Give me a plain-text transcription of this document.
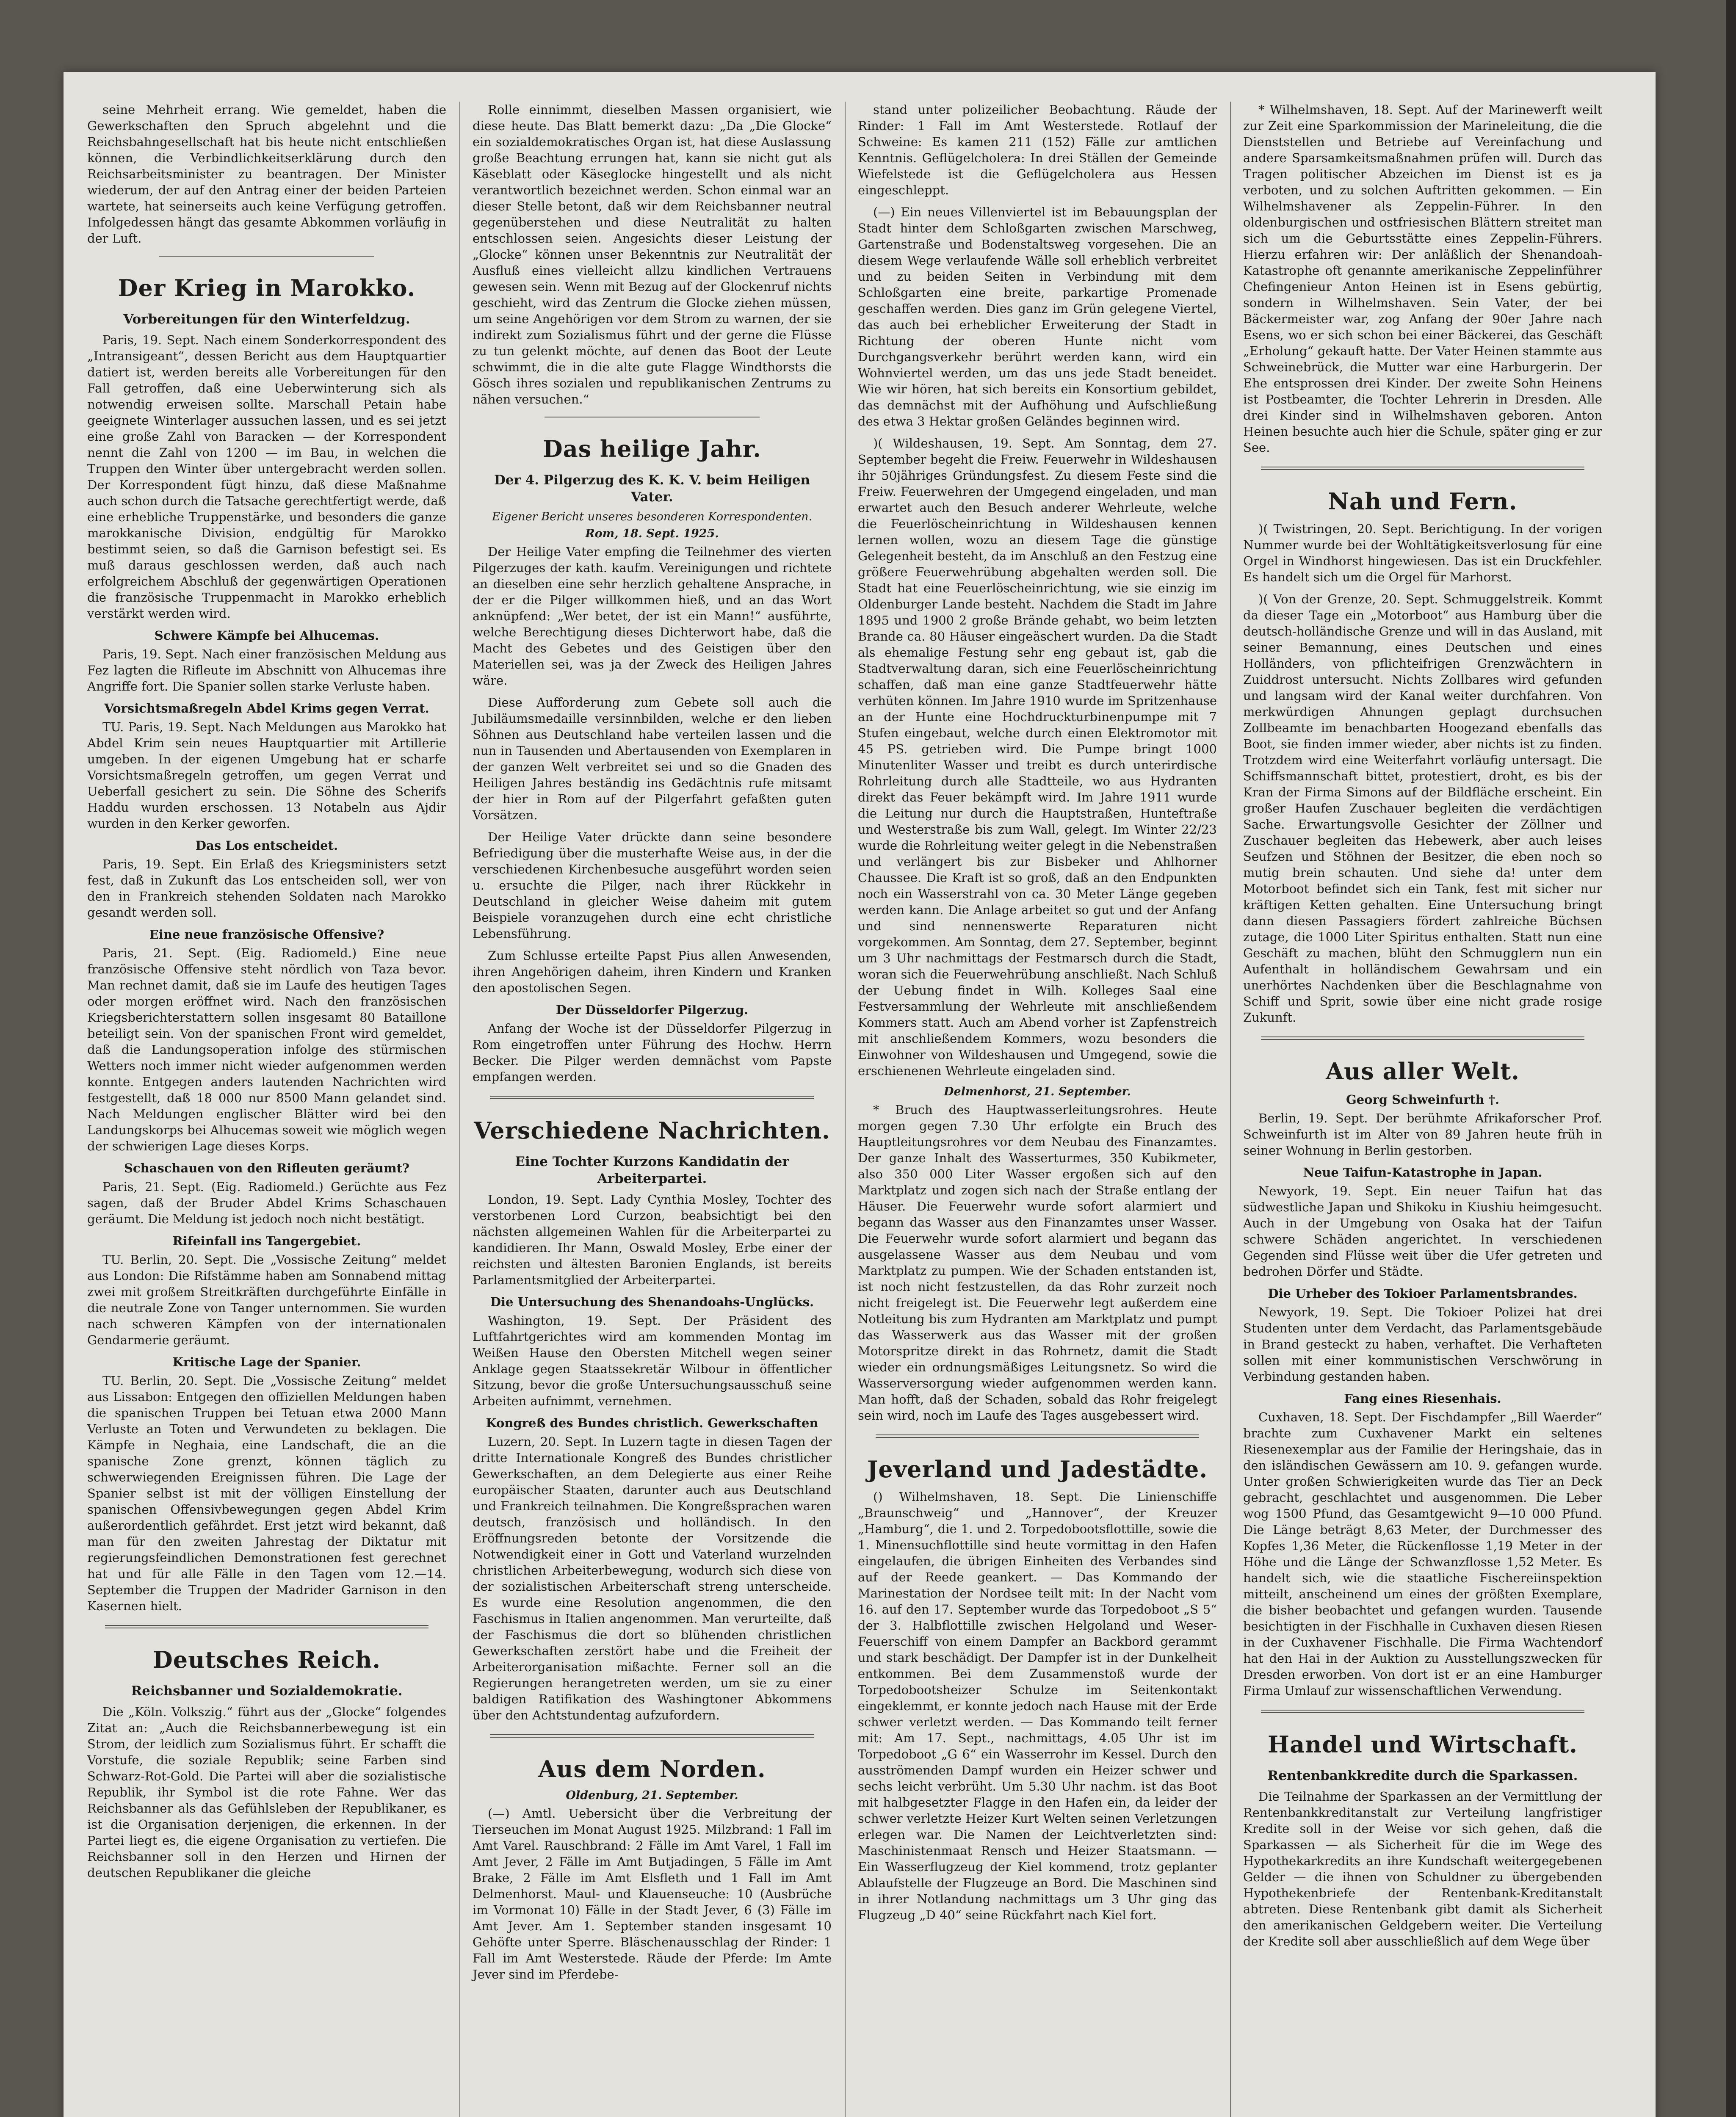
seine Mehrheit errang. Wie gemeldet, haben die Gewerkschaften den Spruch abgelehnt und die Reichsbahngesellschaft hat bis heute nicht entschließen können, die Verbindlichkeitserklärung durch den Reichsarbeitsminister zu beantragen. Der Minister wiederum, der auf den Antrag einer der beiden Parteien wartete, hat seinerseits auch keine Verfügung getroffen. Infolgedessen hängt das gesamte Abkommen vorläufig in der Luft.

Der Krieg in Marokko.
Vorbereitungen für den Winterfeldzug.

Paris, 19. Sept. Nach einem Sonderkorrespondent des „Intransigeant“, dessen Bericht aus dem Hauptquartier datiert ist, werden bereits alle Vorbereitungen für den Fall getroffen, daß eine Ueberwinterung sich als notwendig erweisen sollte. Marschall Petain habe geeignete Winterlager aussuchen lassen, und es sei jetzt eine große Zahl von Baracken — der Korrespondent nennt die Zahl von 1200 — im Bau, in welchen die Truppen den Winter über untergebracht werden sollen. Der Korrespondent fügt hinzu, daß diese Maßnahme auch schon durch die Tatsache gerechtfertigt werde, daß eine erhebliche Truppenstärke, und besonders die ganze marokkanische Division, endgültig für Marokko bestimmt seien, so daß die Garnison befestigt sei. Es muß daraus geschlossen werden, daß auch nach erfolgreichem Abschluß der gegenwärtigen Operationen die französische Truppenmacht in Marokko erheblich verstärkt werden wird.

Schwere Kämpfe bei Alhucemas.

Paris, 19. Sept. Nach einer französischen Meldung aus Fez lagten die Rifleute im Abschnitt von Alhucemas ihre Angriffe fort. Die Spanier sollen starke Verluste haben.

Vorsichtsmaßregeln Abdel Krims gegen Verrat.

TU. Paris, 19. Sept. Nach Meldungen aus Marokko hat Abdel Krim sein neues Hauptquartier mit Artillerie umgeben. In der eigenen Umgebung hat er scharfe Vorsichtsmaßregeln getroffen, um gegen Verrat und Ueberfall gesichert zu sein. Die Söhne des Scherifs Haddu wurden erschossen. 13 Notabeln aus Ajdir wurden in den Kerker geworfen.

Das Los entscheidet.

Paris, 19. Sept. Ein Erlaß des Kriegsministers setzt fest, daß in Zukunft das Los entscheiden soll, wer von den in Frankreich stehenden Soldaten nach Marokko gesandt werden soll.

Eine neue französische Offensive?

Paris, 21. Sept. (Eig. Radiomeld.) Eine neue französische Offensive steht nördlich von Taza bevor. Man rechnet damit, daß sie im Laufe des heutigen Tages oder morgen eröffnet wird. Nach den französischen Kriegsberichterstattern sollen insgesamt 80 Bataillone beteiligt sein. Von der spanischen Front wird gemeldet, daß die Landungsoperation infolge des stürmischen Wetters noch immer nicht wieder aufgenommen werden konnte. Entgegen anders lautenden Nachrichten wird festgestellt, daß 18 000 nur 8500 Mann gelandet sind. Nach Meldungen englischer Blätter wird bei den Landungskorps bei Alhucemas soweit wie möglich wegen der schwierigen Lage dieses Korps.

Schaschauen von den Rifleuten geräumt?

Paris, 21. Sept. (Eig. Radiomeld.) Gerüchte aus Fez sagen, daß der Bruder Abdel Krims Schaschauen geräumt. Die Meldung ist jedoch noch nicht bestätigt.

Rifeinfall ins Tangergebiet.

TU. Berlin, 20. Sept. Die „Vossische Zeitung“ meldet aus London: Die Rifstämme haben am Sonnabend mittag zwei mit großem Streitkräften durchgeführte Einfälle in die neutrale Zone von Tanger unternommen. Sie wurden nach schweren Kämpfen von der internationalen Gendarmerie geräumt.

Kritische Lage der Spanier.

TU. Berlin, 20. Sept. Die „Vossische Zeitung“ meldet aus Lissabon: Entgegen den offiziellen Meldungen haben die spanischen Truppen bei Tetuan etwa 2000 Mann Verluste an Toten und Verwundeten zu beklagen. Die Kämpfe in Neghaia, eine Landschaft, die an die spanische Zone grenzt, können täglich zu schwerwiegenden Ereignissen führen. Die Lage der Spanier selbst ist mit der völligen Einstellung der spanischen Offensivbewegungen gegen Abdel Krim außerordentlich gefährdet. Erst jetzt wird bekannt, daß man für den zweiten Jahrestag der Diktatur mit regierungsfeindlichen Demonstrationen fest gerechnet hat und für alle Fälle in den Tagen vom 12.—14. September die Truppen der Madrider Garnison in den Kasernen hielt.

Deutsches Reich.
Reichsbanner und Sozialdemokratie.

Die „Köln. Volkszig.“ führt aus der „Glocke“ folgendes Zitat an: „Auch die Reichsbannerbewegung ist ein Strom, der leidlich zum Sozialismus führt. Er schafft die Vorstufe, die soziale Republik; seine Farben sind Schwarz-Rot-Gold. Die Partei will aber die sozialistische Republik, ihr Symbol ist die rote Fahne. Wer das Reichsbanner als das Gefühlsleben der Republikaner, es ist die Organisation derjenigen, die erkennen. In der Partei liegt es, die eigene Organisation zu vertiefen. Die Reichsbanner soll in den Herzen und Hirnen der deutschen Republikaner die gleiche

Rolle einnimmt, dieselben Massen organisiert, wie diese heute. Das Blatt bemerkt dazu: „Da „Die Glocke“ ein sozialdemokratisches Organ ist, hat diese Auslassung große Beachtung errungen hat, kann sie nicht gut als Käseblatt oder Käseglocke hingestellt und als nicht verantwortlich bezeichnet werden. Schon einmal war an dieser Stelle betont, daß wir dem Reichsbanner neutral gegenüberstehen und diese Neutralität zu halten entschlossen seien. Angesichts dieser Leistung der „Glocke“ können unser Bekenntnis zur Neutralität der Ausfluß eines vielleicht allzu kindlichen Vertrauens gewesen sein. Wenn mit Bezug auf der Glockenruf nichts geschieht, wird das Zentrum die Glocke ziehen müssen, um seine Angehörigen vor dem Strom zu warnen, der sie indirekt zum Sozialismus führt und der gerne die Flüsse zu tun gelenkt möchte, auf denen das Boot der Leute schwimmt, die in die alte gute Flagge Windthorsts die Gösch ihres sozialen und republikanischen Zentrums zu nähen versuchen.“

Das heilige Jahr.
Der 4. Pilgerzug des K. K. V. beim Heiligen Vater.
Eigener Bericht unseres besonderen Korrespondenten.
Rom, 18. Sept. 1925.

Der Heilige Vater empfing die Teilnehmer des vierten Pilgerzuges der kath. kaufm. Vereinigungen und richtete an dieselben eine sehr herzlich gehaltene Ansprache, in der er die Pilger willkommen hieß, und an das Wort anknüpfend: „Wer betet, der ist ein Mann!“ ausführte, welche Berechtigung dieses Dichterwort habe, daß die Macht des Gebetes und des Geistigen über den Materiellen sei, was ja der Zweck des Heiligen Jahres wäre.

Diese Aufforderung zum Gebete soll auch die Jubiläumsmedaille versinnbilden, welche er den lieben Söhnen aus Deutschland habe verteilen lassen und die nun in Tausenden und Abertausenden von Exemplaren in der ganzen Welt verbreitet sei und so die Gnaden des Heiligen Jahres beständig ins Gedächtnis rufe mitsamt der hier in Rom auf der Pilgerfahrt gefaßten guten Vorsätzen.

Der Heilige Vater drückte dann seine besondere Befriedigung über die musterhafte Weise aus, in der die verschiedenen Kirchenbesuche ausgeführt worden seien u. ersuchte die Pilger, nach ihrer Rückkehr in Deutschland in gleicher Weise daheim mit gutem Beispiele voranzugehen durch eine echt christliche Lebensführung.

Zum Schlusse erteilte Papst Pius allen Anwesenden, ihren Angehörigen daheim, ihren Kindern und Kranken den apostolischen Segen.

Der Düsseldorfer Pilgerzug.

Anfang der Woche ist der Düsseldorfer Pilgerzug in Rom eingetroffen unter Führung des Hochw. Herrn Becker. Die Pilger werden demnächst vom Papste empfangen werden.

Verschiedene Nachrichten.
Eine Tochter Kurzons Kandidatin der Arbeiterpartei.

London, 19. Sept. Lady Cynthia Mosley, Tochter des verstorbenen Lord Curzon, beabsichtigt bei den nächsten allgemeinen Wahlen für die Arbeiterpartei zu kandidieren. Ihr Mann, Oswald Mosley, Erbe einer der reichsten und ältesten Baronien Englands, ist bereits Parlamentsmitglied der Arbeiterpartei.

Die Untersuchung des Shenandoahs-Unglücks.

Washington, 19. Sept. Der Präsident des Luftfahrtgerichtes wird am kommenden Montag im Weißen Hause den Obersten Mitchell wegen seiner Anklage gegen Staatssekretär Wilbour in öffentlicher Sitzung, bevor die große Untersuchungsausschuß seine Arbeiten aufnimmt, vernehmen.

Kongreß des Bundes christlich. Gewerkschaften

Luzern, 20. Sept. In Luzern tagte in diesen Tagen der dritte Internationale Kongreß des Bundes christlicher Gewerkschaften, an dem Delegierte aus einer Reihe europäischer Staaten, darunter auch aus Deutschland und Frankreich teilnahmen. Die Kongreßsprachen waren deutsch, französisch und holländisch. In den Eröffnungsreden betonte der Vorsitzende die Notwendigkeit einer in Gott und Vaterland wurzelnden christlichen Arbeiterbewegung, wodurch sich diese von der sozialistischen Arbeiterschaft streng unterscheide. Es wurde eine Resolution angenommen, die den Faschismus in Italien angenommen. Man verurteilte, daß der Faschismus die dort so blühenden christlichen Gewerkschaften zerstört habe und die Freiheit der Arbeiterorganisation mißachte. Ferner soll an die Regierungen herangetreten werden, um sie zu einer baldigen Ratifikation des Washingtoner Abkommens über den Achtstundentag aufzufordern.

Aus dem Norden.
Oldenburg, 21. September.

(—) Amtl. Uebersicht über die Verbreitung der Tierseuchen im Monat August 1925. Milzbrand: 1 Fall im Amt Varel. Rauschbrand: 2 Fälle im Amt Varel, 1 Fall im Amt Jever, 2 Fälle im Amt Butjadingen, 5 Fälle im Amt Brake, 2 Fälle im Amt Elsfleth und 1 Fall im Amt Delmenhorst. Maul- und Klauenseuche: 10 (Ausbrüche im Vormonat 10) Fälle in der Stadt Jever, 6 (3) Fälle im Amt Jever. Am 1. September standen insgesamt 10 Gehöfte unter Sperre. Bläschenausschlag der Rinder: 1 Fall im Amt Westerstede. Räude der Pferde: Im Amte Jever sind im Pferdebe-

stand unter polizeilicher Beobachtung. Räude der Rinder: 1 Fall im Amt Westerstede. Rotlauf der Schweine: Es kamen 211 (152) Fälle zur amtlichen Kenntnis. Geflügelcholera: In drei Ställen der Gemeinde Wiefelstede ist die Geflügelcholera aus Hessen eingeschleppt.

(—) Ein neues Villenviertel ist im Bebauungsplan der Stadt hinter dem Schloßgarten zwischen Marschweg, Gartenstraße und Bodenstaltsweg vorgesehen. Die an diesem Wege verlaufende Wälle soll erheblich verbreitet und zu beiden Seiten in Verbindung mit dem Schloßgarten eine breite, parkartige Promenade geschaffen werden. Dies ganz im Grün gelegene Viertel, das auch bei erheblicher Erweiterung der Stadt in Richtung der oberen Hunte nicht vom Durchgangsverkehr berührt werden kann, wird ein Wohnviertel werden, um das uns jede Stadt beneidet. Wie wir hören, hat sich bereits ein Konsortium gebildet, das demnächst mit der Aufhöhung und Aufschließung des etwa 3 Hektar großen Geländes beginnen wird.

)( Wildeshausen, 19. Sept. Am Sonntag, dem 27. September begeht die Freiw. Feuerwehr in Wildeshausen ihr 50jähriges Gründungsfest. Zu diesem Feste sind die Freiw. Feuerwehren der Umgegend eingeladen, und man erwartet auch den Besuch anderer Wehrleute, welche die Feuerlöscheinrichtung in Wildeshausen kennen lernen wollen, wozu an diesem Tage die günstige Gelegenheit besteht, da im Anschluß an den Festzug eine größere Feuerwehrübung abgehalten werden soll. Die Stadt hat eine Feuerlöscheinrichtung, wie sie einzig im Oldenburger Lande besteht. Nachdem die Stadt im Jahre 1895 und 1900 2 große Brände gehabt, wo beim letzten Brande ca. 80 Häuser eingeäschert wurden. Da die Stadt als ehemalige Festung sehr eng gebaut ist, gab die Stadtverwaltung daran, sich eine Feuerlöscheinrichtung schaffen, daß man eine ganze Stadtfeuerwehr hätte verhüten können. Im Jahre 1910 wurde im Spritzenhause an der Hunte eine Hochdruckturbinenpumpe mit 7 Stufen eingebaut, welche durch einen Elektromotor mit 45 PS. getrieben wird. Die Pumpe bringt 1000 Minutenliter Wasser und treibt es durch unterirdische Rohrleitung durch alle Stadtteile, wo aus Hydranten direkt das Feuer bekämpft wird. Im Jahre 1911 wurde die Leitung nur durch die Hauptstraßen, Hunteftraße und Westerstraße bis zum Wall, gelegt. Im Winter 22/23 wurde die Rohrleitung weiter gelegt in die Nebenstraßen und verlängert bis zur Bisbeker und Ahlhorner Chaussee. Die Kraft ist so groß, daß an den Endpunkten noch ein Wasserstrahl von ca. 30 Meter Länge gegeben werden kann. Die Anlage arbeitet so gut und der Anfang und sind nennenswerte Reparaturen nicht vorgekommen. Am Sonntag, dem 27. September, beginnt um 3 Uhr nachmittags der Festmarsch durch die Stadt, woran sich die Feuerwehrübung anschließt. Nach Schluß der Uebung findet in Wilh. Kolleges Saal eine Festversammlung der Wehrleute mit anschließendem Kommers statt. Auch am Abend vorher ist Zapfenstreich mit anschließendem Kommers, wozu besonders die Einwohner von Wildeshausen und Umgegend, sowie die erschienenen Wehrleute eingeladen sind.

Delmenhorst, 21. September.

* Bruch des Hauptwasserleitungsrohres. Heute morgen gegen 7.30 Uhr erfolgte ein Bruch des Hauptleitungsrohres vor dem Neubau des Finanzamtes. Der ganze Inhalt des Wasserturmes, 350 Kubikmeter, also 350 000 Liter Wasser ergoßen sich auf den Marktplatz und zogen sich nach der Straße entlang der Häuser. Die Feuerwehr wurde sofort alarmiert und begann das Wasser aus den Finanzamtes unser Wasser. Die Feuerwehr wurde sofort alarmiert und begann das ausgelassene Wasser aus dem Neubau und vom Marktplatz zu pumpen. Wie der Schaden entstanden ist, ist noch nicht festzustellen, da das Rohr zurzeit noch nicht freigelegt ist. Die Feuerwehr legt außerdem eine Notleitung bis zum Hydranten am Marktplatz und pumpt das Wasserwerk aus das Wasser mit der großen Motorspritze direkt in das Rohrnetz, damit die Stadt wieder ein ordnungsmäßiges Leitungsnetz. So wird die Wasserversorgung wieder aufgenommen werden kann. Man hofft, daß der Schaden, sobald das Rohr freigelegt sein wird, noch im Laufe des Tages ausgebessert wird.

Jeverland und Jadestädte.

() Wilhelmshaven, 18. Sept. Die Linienschiffe „Braunschweig“ und „Hannover“, der Kreuzer „Hamburg“, die 1. und 2. Torpedobootsflottille, sowie die 1. Minensuchflottille sind heute vormittag in den Hafen eingelaufen, die übrigen Einheiten des Verbandes sind auf der Reede geankert. — Das Kommando der Marinestation der Nordsee teilt mit: In der Nacht vom 16. auf den 17. September wurde das Torpedoboot „S 5“ der 3. Halbflottille zwischen Helgoland und Weser-Feuerschiff von einem Dampfer an Backbord gerammt und stark beschädigt. Der Dampfer ist in der Dunkelheit entkommen. Bei dem Zusammenstoß wurde der Torpedobootsheizer Schulze im Seitenkontakt eingeklemmt, er konnte jedoch nach Hause mit der Erde schwer verletzt werden. — Das Kommando teilt ferner mit: Am 17. Sept., nachmittags, 4.05 Uhr ist im Torpedoboot „G 6“ ein Wasserrohr im Kessel. Durch den ausströmenden Dampf wurden ein Heizer schwer und sechs leicht verbrüht. Um 5.30 Uhr nachm. ist das Boot mit halbgesetzter Flagge in den Hafen ein, da leider der schwer verletzte Heizer Kurt Welten seinen Verletzungen erlegen war. Die Namen der Leichtverletzten sind: Maschinistenmaat Rensch und Heizer Staatsmann. — Ein Wasserflugzeug der Kiel kommend, trotz geplanter Ablaufstelle der Flugzeuge an Bord. Die Maschinen sind in ihrer Notlandung nachmittags um 3 Uhr ging das Flugzeug „D 40“ seine Rückfahrt nach Kiel fort.

* Wilhelmshaven, 18. Sept. Auf der Marinewerft weilt zur Zeit eine Sparkommission der Marineleitung, die die Dienststellen und Betriebe auf Vereinfachung und andere Sparsamkeitsmaßnahmen prüfen will. Durch das Tragen politischer Abzeichen im Dienst ist es ja verboten, und zu solchen Auftritten gekommen. — Ein Wilhelmshavener als Zeppelin-Führer. In den oldenburgischen und ostfriesischen Blättern streitet man sich um die Geburtsstätte eines Zeppelin-Führers. Hierzu erfahren wir: Der anläßlich der Shenandoah-Katastrophe oft genannte amerikanische Zeppelinführer Chefingenieur Anton Heinen ist in Esens gebürtig, sondern in Wilhelmshaven. Sein Vater, der bei Bäckermeister war, zog Anfang der 90er Jahre nach Esens, wo er sich schon bei einer Bäckerei, das Geschäft „Erholung“ gekauft hatte. Der Vater Heinen stammte aus Schweinebrück, die Mutter war eine Harburgerin. Der Ehe entsprossen drei Kinder. Der zweite Sohn Heinens ist Postbeamter, die Tochter Lehrerin in Dresden. Alle drei Kinder sind in Wilhelmshaven geboren. Anton Heinen besuchte auch hier die Schule, später ging er zur See.

Nah und Fern.

)( Twistringen, 20. Sept. Berichtigung. In der vorigen Nummer wurde bei der Wohltätigkeitsverlosung für eine Orgel in Windhorst hingewiesen. Das ist ein Druckfehler. Es handelt sich um die Orgel für Marhorst.

)( Von der Grenze, 20. Sept. Schmuggelstreik. Kommt da dieser Tage ein „Motorboot“ aus Hamburg über die deutsch-holländische Grenze und will in das Ausland, mit seiner Bemannung, eines Deutschen und eines Holländers, von pflichteifrigen Grenzwächtern in Zuiddrost untersucht. Nichts Zollbares wird gefunden und langsam wird der Kanal weiter durchfahren. Von merkwürdigen Ahnungen geplagt durchsuchen Zollbeamte im benachbarten Hoogezand ebenfalls das Boot, sie finden immer wieder, aber nichts ist zu finden. Trotzdem wird eine Weiterfahrt vorläufig untersagt. Die Schiffsmannschaft bittet, protestiert, droht, es bis der Kran der Firma Simons auf der Bildfläche erscheint. Ein großer Haufen Zuschauer begleiten die verdächtigen Sache. Erwartungsvolle Gesichter der Zöllner und Zuschauer begleiten das Hebewerk, aber auch leises Seufzen und Stöhnen der Besitzer, die eben noch so mutig brein schauten. Und siehe da! unter dem Motorboot befindet sich ein Tank, fest mit sicher nur kräftigen Ketten gehalten. Eine Untersuchung bringt dann diesen Passagiers fördert zahlreiche Büchsen zutage, die 1000 Liter Spiritus enthalten. Statt nun eine Geschäft zu machen, blüht den Schmugglern nun ein Aufenthalt in holländischem Gewahrsam und ein unerhörtes Nachdenken über die Beschlagnahme von Schiff und Sprit, sowie über eine nicht grade rosige Zukunft.

Aus aller Welt.
Georg Schweinfurth †.

Berlin, 19. Sept. Der berühmte Afrikaforscher Prof. Schweinfurth ist im Alter von 89 Jahren heute früh in seiner Wohnung in Berlin gestorben.

Neue Taifun-Katastrophe in Japan.

Newyork, 19. Sept. Ein neuer Taifun hat das südwestliche Japan und Shikoku in Kiushiu heimgesucht. Auch in der Umgebung von Osaka hat der Taifun schwere Schäden angerichtet. In verschiedenen Gegenden sind Flüsse weit über die Ufer getreten und bedrohen Dörfer und Städte.

Die Urheber des Tokioer Parlamentsbrandes.

Newyork, 19. Sept. Die Tokioer Polizei hat drei Studenten unter dem Verdacht, das Parlamentsgebäude in Brand gesteckt zu haben, verhaftet. Die Verhafteten sollen mit einer kommunistischen Verschwörung in Verbindung gestanden haben.

Fang eines Riesenhais.

Cuxhaven, 18. Sept. Der Fischdampfer „Bill Waerder“ brachte zum Cuxhavener Markt ein seltenes Riesenexemplar aus der Familie der Heringshaie, das in den isländischen Gewässern am 10. 9. gefangen wurde. Unter großen Schwierigkeiten wurde das Tier an Deck gebracht, geschlachtet und ausgenommen. Die Leber wog 1500 Pfund, das Gesamtgewicht 9—10 000 Pfund. Die Länge beträgt 8,63 Meter, der Durchmesser des Kopfes 1,36 Meter, die Rückenflosse 1,19 Meter in der Höhe und die Länge der Schwanzflosse 1,52 Meter. Es handelt sich, wie die staatliche Fischereiinspektion mitteilt, anscheinend um eines der größten Exemplare, die bisher beobachtet und gefangen wurden. Tausende besichtigten in der Fischhalle in Cuxhaven diesen Riesen in der Cuxhavener Fischhalle. Die Firma Wachtendorf hat den Hai in der Auktion zu Ausstellungszwecken für Dresden erworben. Von dort ist er an eine Hamburger Firma Umlauf zur wissenschaftlichen Verwendung.

Handel und Wirtschaft.
Rentenbankkredite durch die Sparkassen.

Die Teilnahme der Sparkassen an der Vermittlung der Rentenbankkreditanstalt zur Verteilung langfristiger Kredite soll in der Weise vor sich gehen, daß die Sparkassen — als Sicherheit für die im Wege des Hypothekarkredits an ihre Kundschaft weitergegebenen Gelder — die ihnen von Schuldner zu übergebenden Hypothekenbriefe der Rentenbank-Kreditanstalt abtreten. Diese Rentenbank gibt damit als Sicherheit den amerikanischen Geldgebern weiter. Die Verteilung der Kredite soll aber ausschließlich auf dem Wege über
